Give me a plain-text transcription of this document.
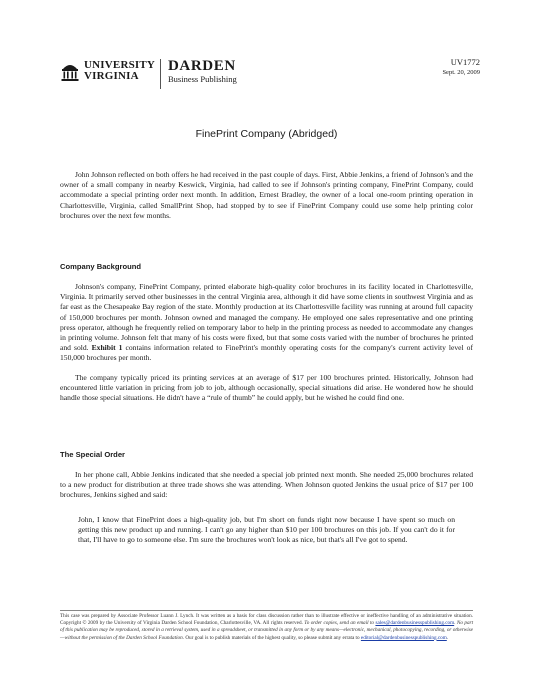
UNIVERSITY
VIRGINIA
DARDEN
Business Publishing
UV1772
Sept. 20, 2009
FinePrint Company (Abridged)

John Johnson reflected on both offers he had received in the past couple of days. First, Abbie Jenkins, a friend of Johnson's and the owner of a small company in nearby Keswick, Virginia, had called to see if Johnson's printing company, FinePrint Company, could accommodate a special printing order next month. In addition, Ernest Bradley, the owner of a local one-room printing operation in Charlottesville, Virginia, called SmallPrint Shop, had stopped by to see if FinePrint Company could use some help printing color brochures over the next few months.

Company Background

Johnson's company, FinePrint Company, printed elaborate high-quality color brochures in its facility located in Charlottesville, Virginia. It primarily served other businesses in the central Virginia area, although it did have some clients in southwest Virginia and as far east as the Chesapeake Bay region of the state. Monthly production at its Charlottesville facility was running at around full capacity of 150,000 brochures per month. Johnson owned and managed the company. He employed one sales representative and one printing press operator, although he frequently relied on temporary labor to help in the printing process as needed to accommodate any changes in printing volume. Johnson felt that many of his costs were fixed, but that some costs varied with the number of brochures he printed and sold. Exhibit 1 contains information related to FinePrint's monthly operating costs for the company's current activity level of 150,000 brochures per month.

The company typically priced its printing services at an average of $17 per 100 brochures printed. Historically, Johnson had encountered little variation in pricing from job to job, although occasionally, special situations did arise. He wondered how he should handle those special situations. He didn't have a “rule of thumb” he could apply, but he wished he could find one.

The Special Order

In her phone call, Abbie Jenkins indicated that she needed a special job printed next month. She needed 25,000 brochures related to a new product for distribution at three trade shows she was attending. When Johnson quoted Jenkins the usual price of $17 per 100 brochures, Jenkins sighed and said:

John, I know that FinePrint does a high-quality job, but I'm short on funds right now because I have spent so much on getting this new product up and running. I can't go any higher than $10 per 100 brochures on this job. If you can't do it for that, I'll have to go to someone else. I'm sure the brochures won't look as nice, but that's all I've got to spend.

This case was prepared by Associate Professor Luann J. Lynch. It was written as a basis for class discussion rather than to illustrate effective or ineffective handling of an administrative situation. Copyright © 2009 by the University of Virginia Darden School Foundation, Charlottesville, VA. All rights reserved. To order copies, send an email to sales@dardenbusinesspublishing.com. No part of this publication may be reproduced, stored in a retrieval system, used in a spreadsheet, or transmitted in any form or by any means—electronic, mechanical, photocopying, recording, or otherwise—without the permission of the Darden School Foundation. Our goal is to publish materials of the highest quality, so please submit any errata to editorial@dardenbusinesspublishing.com.
